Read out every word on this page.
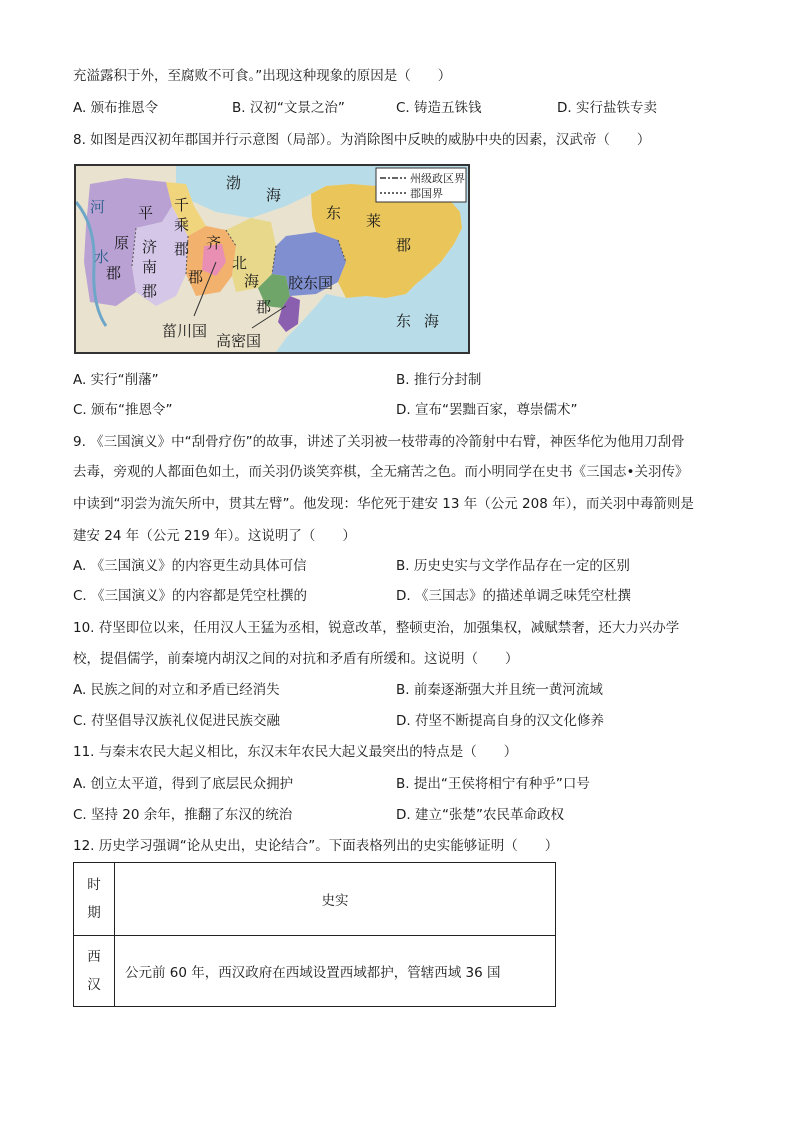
充溢露积于外，至腐败不可食。”出现这种现象的原因是（　　）
A. 颁布推恩令	B. 汉初“文景之治”	C. 铸造五铢钱	D. 实行盐铁专卖
8. 如图是西汉初年郡国并行示意图（局部）。为消除图中反映的威胁中央的因素，汉武帝（　　）
州级政区界
郡国界
渤
海
河
水
平
原
郡
济
南
郡
千
乘
郡 齐
郡
北
海
郡
胶东国
东 莱
郡
东 海
菑川国
高密国
A. 实行“削藩”	B. 推行分封制
C. 颁布“推恩令”	D. 宣布“罢黜百家，尊崇儒术”
9. 《三国演义》中“刮骨疗伤”的故事，讲述了关羽被一枝带毒的冷箭射中右臂，神医华佗为他用刀刮骨
去毒，旁观的人都面色如土，而关羽仍谈笑弈棋，全无痛苦之色。而小明同学在史书《三国志•关羽传》
中读到“羽尝为流矢所中，贯其左臂”。他发现：华佗死于建安 13 年（公元 208 年），而关羽中毒箭则是
建安 24 年（公元 219 年）。这说明了（　　）
A. 《三国演义》的内容更生动具体可信	B. 历史史实与文学作品存在一定的区别
C. 《三国演义》的内容都是凭空杜撰的	D. 《三国志》的描述单调乏味凭空杜撰
10. 苻坚即位以来，任用汉人王猛为丞相，锐意改革，整顿吏治，加强集权，减赋禁奢，还大力兴办学
校，提倡儒学，前秦境内胡汉之间的对抗和矛盾有所缓和。这说明（　　）
A. 民族之间的对立和矛盾已经消失	B. 前秦逐渐强大并且统一黄河流域
C. 苻坚倡导汉族礼仪促进民族交融	D. 苻坚不断提高自身的汉文化修养
11. 与秦末农民大起义相比，东汉末年农民大起义最突出的特点是（　　）
A. 创立太平道，得到了底层民众拥护	B. 提出“王侯将相宁有种乎”口号
C. 坚持 20 余年，推翻了东汉的统治	D. 建立“张楚”农民革命政权
12. 历史学习强调“论从史出，史论结合”。下面表格列出的史实能够证明（　　）
时
期	史实

西
汉	公元前 60 年，西汉政府在西域设置西域都护，管辖西域 36 国
